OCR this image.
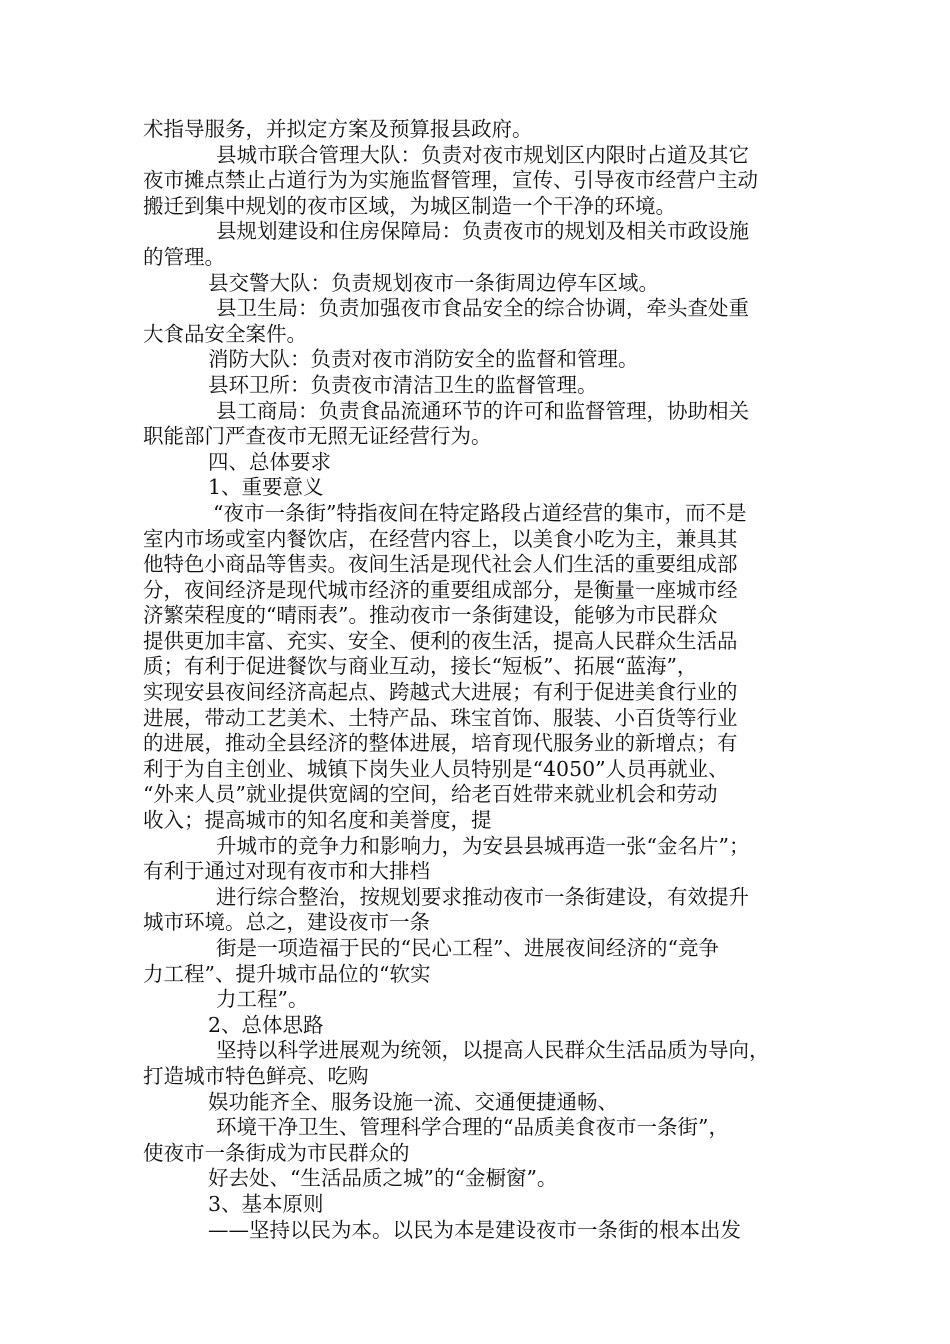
术指导服务，并拟定方案及预算报县政府。
县城市联合管理大队：负责对夜市规划区内限时占道及其它
夜市摊点禁止占道行为为实施监督管理，宣传、引导夜市经营户主动
搬迁到集中规划的夜市区域，为城区制造一个干净的环境。
县规划建设和住房保障局：负责夜市的规划及相关市政设施
的管理。
县交警大队：负责规划夜市一条街周边停车区域。
县卫生局：负责加强夜市食品安全的综合协调，牵头查处重
大食品安全案件。
消防大队：负责对夜市消防安全的监督和管理。
县环卫所：负责夜市清洁卫生的监督管理。
县工商局：负责食品流通环节的许可和监督管理，协助相关
职能部门严查夜市无照无证经营行为。
四、总体要求
1、重要意义
“夜市一条街”特指夜间在特定路段占道经营的集市，而不是
室内市场或室内餐饮店，在经营内容上，以美食小吃为主，兼具其
他特色小商品等售卖。夜间生活是现代社会人们生活的重要组成部
分，夜间经济是现代城市经济的重要组成部分，是衡量一座城市经
济繁荣程度的“晴雨表”。推动夜市一条街建设，能够为市民群众
提供更加丰富、充实、安全、便利的夜生活，提高人民群众生活品
质；有利于促进餐饮与商业互动，接长“短板”、拓展“蓝海”，
实现安县夜间经济高起点、跨越式大进展；有利于促进美食行业的
进展，带动工艺美术、土特产品、珠宝首饰、服装、小百货等行业
的进展，推动全县经济的整体进展，培育现代服务业的新增点；有
利于为自主创业、城镇下岗失业人员特别是“4050”人员再就业、
“外来人员”就业提供宽阔的空间，给老百姓带来就业机会和劳动
收入；提高城市的知名度和美誉度，提
升城市的竞争力和影响力，为安县县城再造一张“金名片”；
有利于通过对现有夜市和大排档
进行综合整治，按规划要求推动夜市一条街建设，有效提升
城市环境。总之，建设夜市一条
街是一项造福于民的“民心工程”、进展夜间经济的“竞争
力工程”、提升城市品位的“软实
力工程”。
2、总体思路
坚持以科学进展观为统领，以提高人民群众生活品质为导向，
打造城市特色鲜亮、吃购
娱功能齐全、服务设施一流、交通便捷通畅、
环境干净卫生、管理科学合理的“品质美食夜市一条街”，
使夜市一条街成为市民群众的
好去处、“生活品质之城”的“金橱窗”。
3、基本原则
——坚持以民为本。以民为本是建设夜市一条街的根本出发
